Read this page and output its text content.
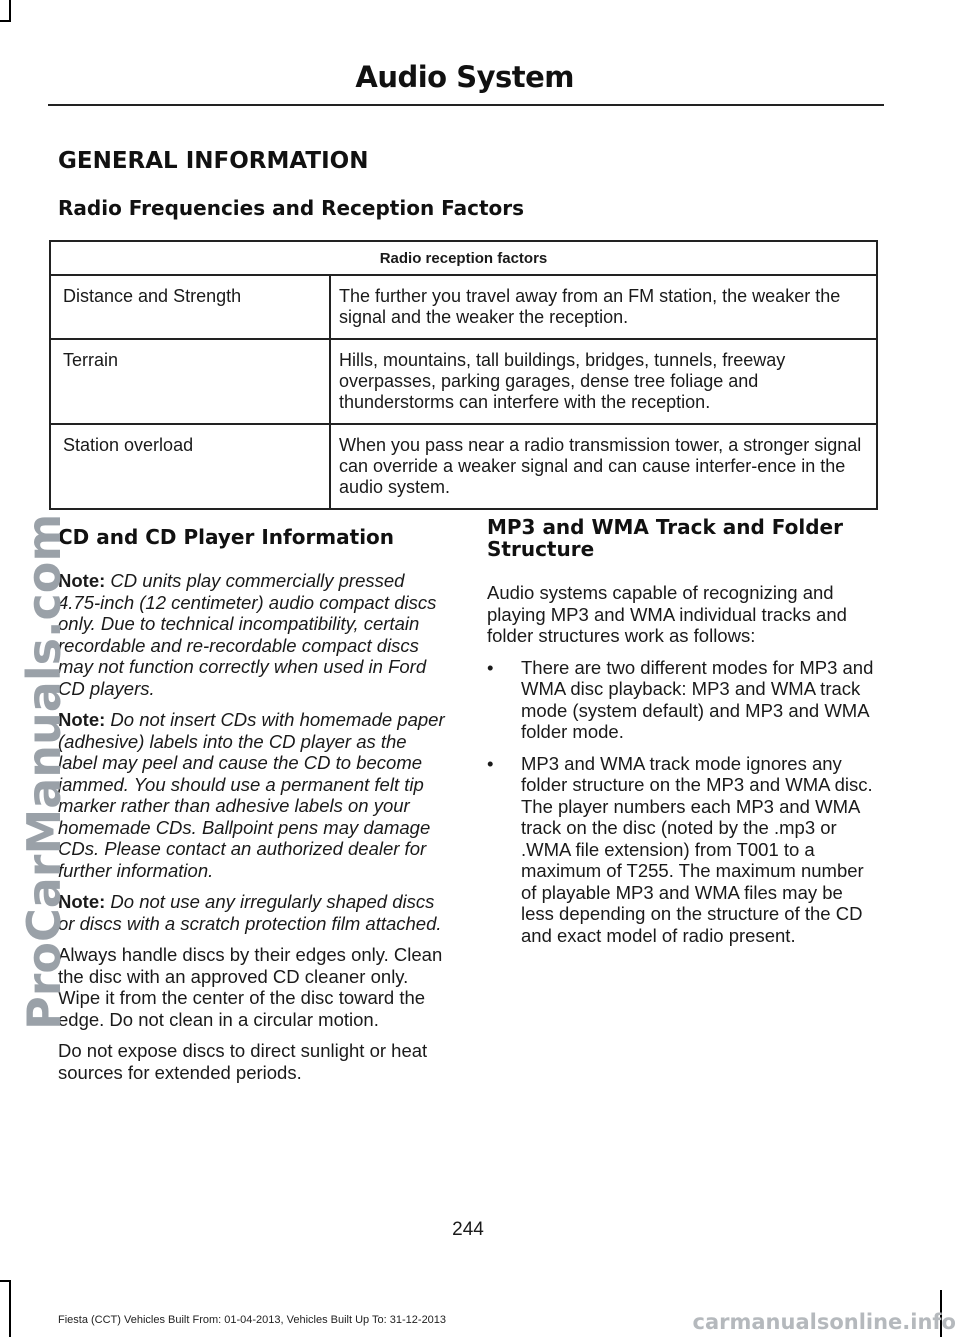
Audio System
GENERAL INFORMATION
Radio Frequencies and Reception Factors
Radio reception factors	
Distance and Strength	The further you travel away from an FM station, the weaker the signal and the weaker the reception.
Terrain	Hills, mountains, tall buildings, bridges, tunnels, freeway overpasses, parking garages, dense tree foliage and thunderstorms can interfere with the reception.
Station overload	When you pass near a radio transmission tower, a stronger signal can override a weaker signal and can cause interfer-ence in the audio system.
CD and CD Player Information

Note: CD units play commercially pressed 4.75-inch (12 centimeter) audio compact discs only. Due to technical incompatibility, certain recordable and re-recordable compact discs may not function correctly when used in Ford CD players.

Note: Do not insert CDs with homemade paper (adhesive) labels into the CD player as the label may peel and cause the CD to become jammed. You should use a permanent felt tip marker rather than adhesive labels on your homemade CDs. Ballpoint pens may damage CDs. Please contact an authorized dealer for further information.

Note: Do not use any irregularly shaped discs or discs with a scratch protection film attached.

Always handle discs by their edges only. Clean the disc with an approved CD cleaner only. Wipe it from the center of the disc toward the edge. Do not clean in a circular motion.

Do not expose discs to direct sunlight or heat sources for extended periods.

MP3 and WMA Track and Folder Structure

Audio systems capable of recognizing and playing MP3 and WMA individual tracks and folder structures work as follows:

• There are two different modes for MP3 and WMA disc playback: MP3 and WMA track mode (system default) and MP3 and WMA folder mode.
• MP3 and WMA track mode ignores any folder structure on the MP3 and WMA disc. The player numbers each MP3 and WMA track on the disc (noted by the .mp3 or .WMA file extension) from T001 to a maximum of T255. The maximum number of playable MP3 and WMA files may be less depending on the structure of the CD and exact model of radio present.
244
Fiesta (CCT) Vehicles Built From: 01-04-2013, Vehicles Built Up To: 31-12-2013
ProCarManuals.com
carmanualsonline.info
